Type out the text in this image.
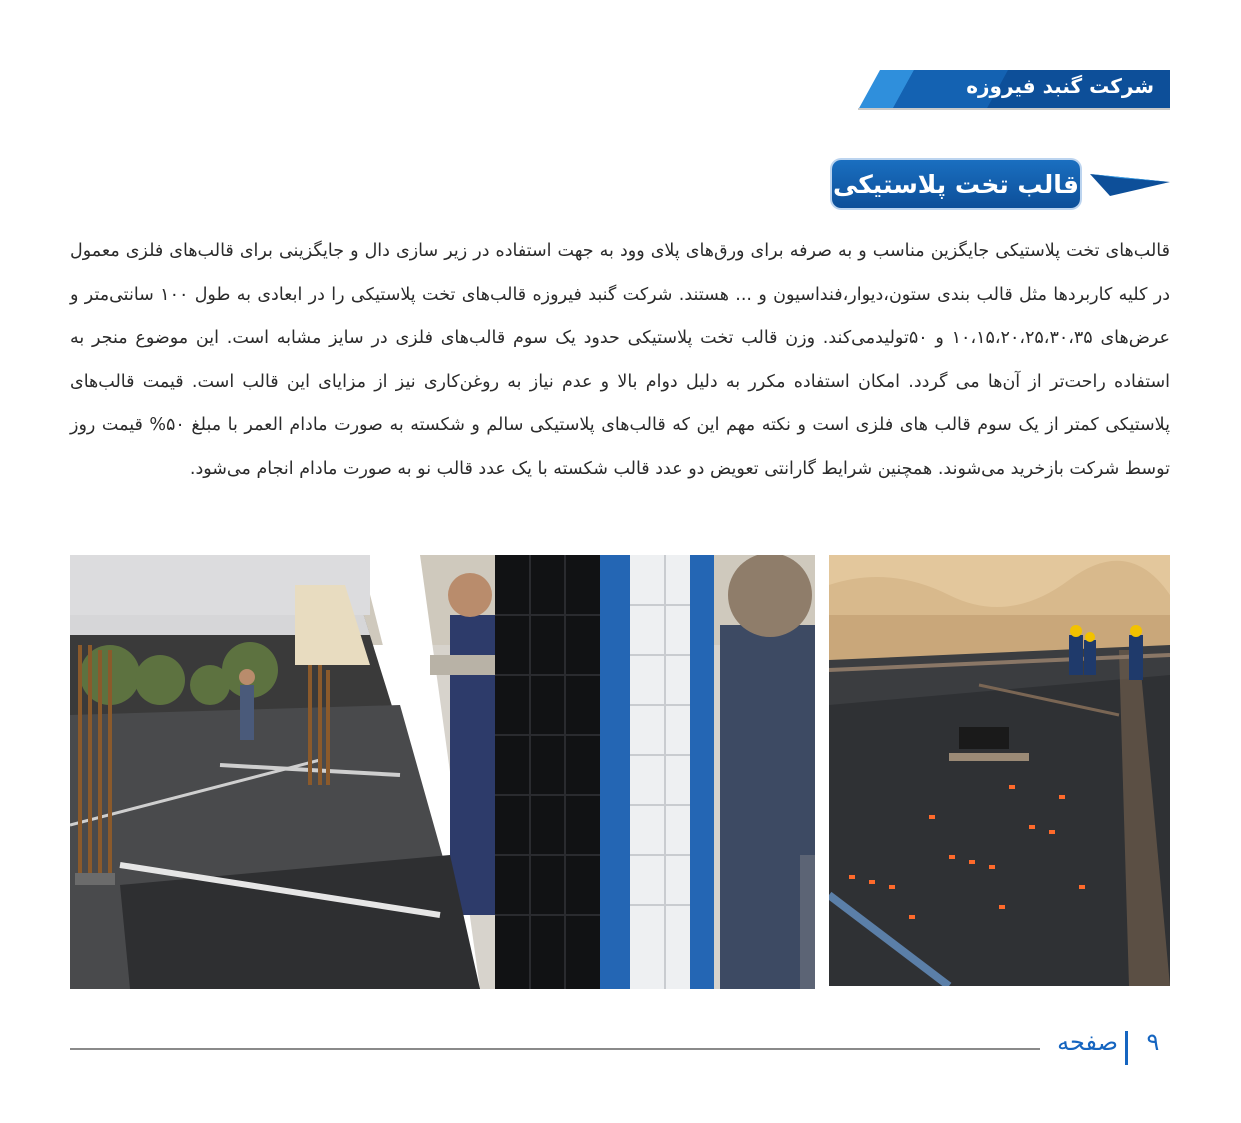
شرکت گنبد فیروزه
قالب تخت پلاستیکی

قالب‌های تخت پلاستیکی جایگزین مناسب و به صرفه برای ورق‌های پلای وود به جهت استفاده در زیر سازی دال و جایگزینی برای قالب‌های فلزی معمول در کلیه کاربردها مثل قالب بندی ستون،دیوار،فنداسیون و ... هستند. شرکت گنبد فیروزه قالب‌های تخت پلاستیکی را در ابعادی به طول ۱۰۰ سانتی‌متر و عرض‌های ۱۰،۱۵،۲۰،۲۵،۳۰،۳۵ و ۵۰تولیدمی‌کند. وزن قالب تخت پلاستیکی حدود یک سوم قالب‌های فلزی در سایز مشابه است. این موضوع منجر به استفاده راحت‌تر از آن‌ها می گردد. امکان استفاده مکرر به دلیل دوام بالا و عدم نیاز به روغن‌کاری نیز از مزایای این قالب است. قیمت قالب‌های پلاستیکی کمتر از یک سوم قالب های فلزی است و نکته مهم این که قالب‌های پلاستیکی سالم و شکسته به صورت مادام العمر با مبلغ ۵۰% قیمت روز توسط شرکت بازخرید می‌شوند. همچنین شرایط گارانتی تعویض دو عدد قالب شکسته با یک عدد قالب نو به صورت مادام انجام می‌شود.

صفحه	۹
